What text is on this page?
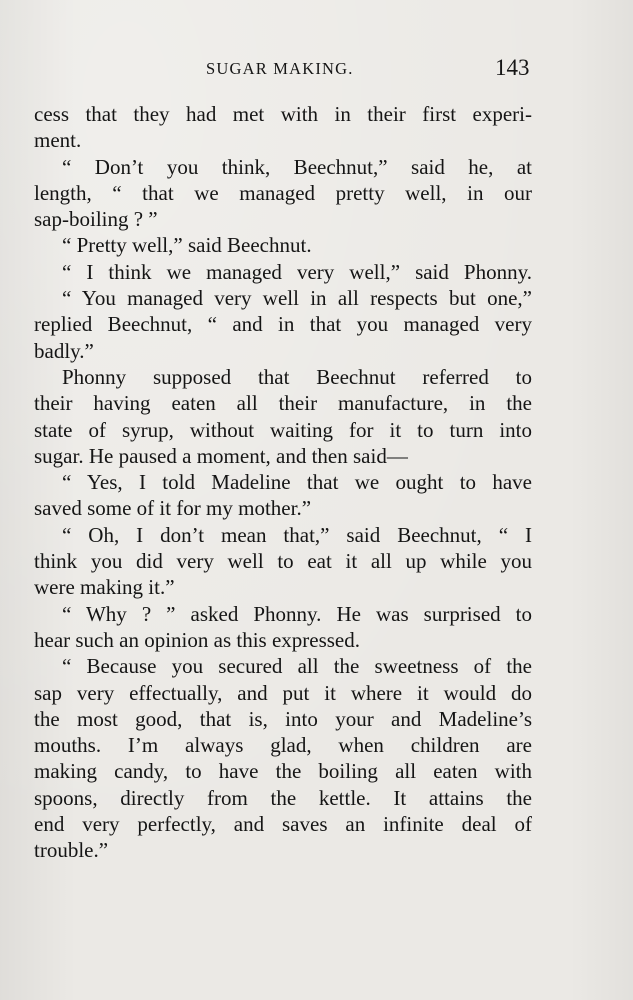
SUGAR MAKING.	143
cess that they had met with in their first experi-
ment.
“ Don’t you think, Beechnut,” said he, at
length, “ that we managed pretty well, in our
sap-boiling ? ”
“ Pretty well,” said Beechnut.
“ I think we managed very well,” said Phonny.
“ You managed very well in all respects but one,”
replied Beechnut, “ and in that you managed very
badly.”
Phonny supposed that Beechnut referred to
their having eaten all their manufacture, in the
state of syrup, without waiting for it to turn into
sugar. He paused a moment, and then said—
“ Yes, I told Madeline that we ought to have
saved some of it for my mother.”
“ Oh, I don’t mean that,” said Beechnut, “ I
think you did very well to eat it all up while you
were making it.”
“ Why ? ” asked Phonny. He was surprised to
hear such an opinion as this expressed.
“ Because you secured all the sweetness of the
sap very effectually, and put it where it would do
the most good, that is, into your and Madeline’s
mouths. I’m always glad, when children are
making candy, to have the boiling all eaten with
spoons, directly from the kettle. It attains the
end very perfectly, and saves an infinite deal of
trouble.”
